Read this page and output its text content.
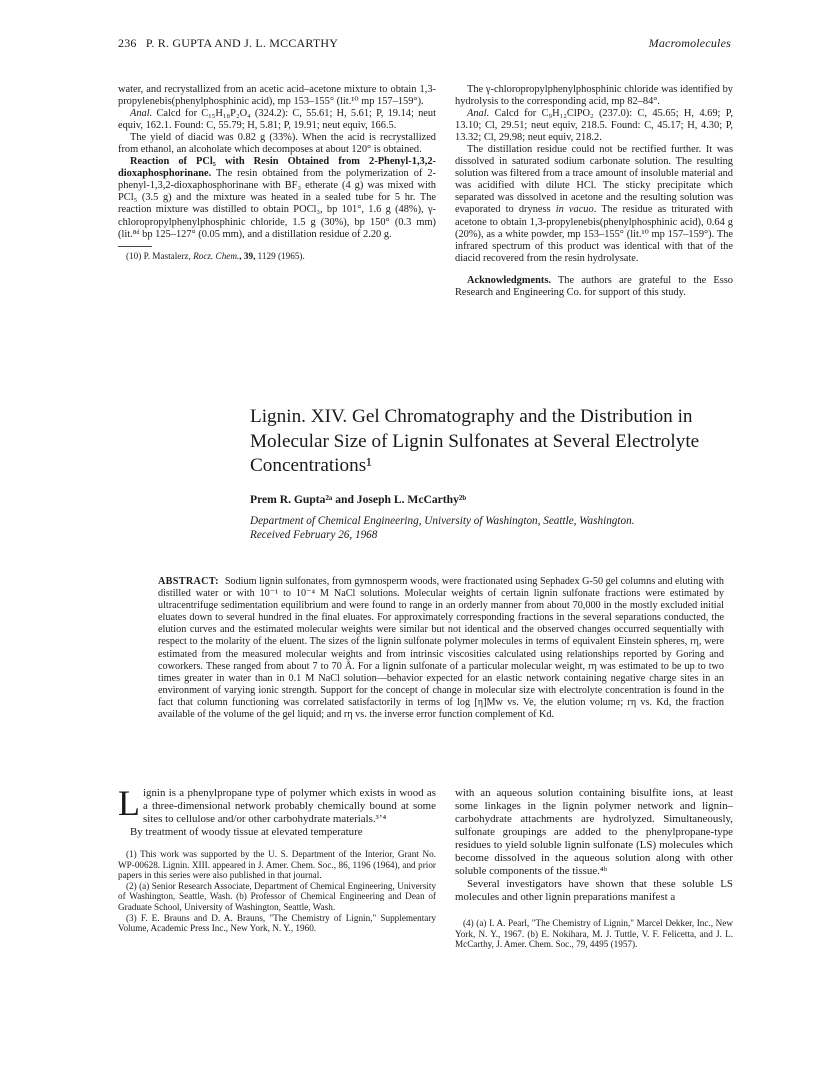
236 P. R. GUPTA AND J. L. MCCARTHY	Macromolecules

water, and recrystallized from an acetic acid–acetone mixture to obtain 1,3-propylenebis(phenylphosphinic acid), mp 153–155° (lit.¹⁰ mp 157–159°).

Anal. Calcd for C₁₅H₁₈P₂O₄ (324.2): C, 55.61; H, 5.61; P, 19.14; neut equiv, 162.1. Found: C, 55.79; H, 5.81; P, 19.91; neut equiv, 166.5.

The yield of diacid was 0.82 g (33%). When the acid is recrystallized from ethanol, an alcoholate which decomposes at about 120° is obtained.

Reaction of PCl₅ with Resin Obtained from 2-Phenyl-1,3,2-dioxaphosphorinane. The resin obtained from the polymerization of 2-phenyl-1,3,2-dioxaphosphorinane with BF₃ etherate (4 g) was mixed with PCl₅ (3.5 g) and the mixture was heated in a sealed tube for 5 hr. The reaction mixture was distilled to obtain POCl₃, bp 101°, 1.6 g (48%), γ-chloropropylphenylphosphinic chloride, 1.5 g (30%), bp 150° (0.3 mm) (lit.⁸ᵈ bp 125–127° (0.05 mm), and a distillation residue of 2.20 g.

(10) P. Mastalerz, Rocz. Chem., 39, 1129 (1965).

The γ-chloropropylphenylphosphinic chloride was identified by hydrolysis to the corresponding acid, mp 82–84°.

Anal. Calcd for C₉H₁₂ClPO₂ (237.0): C, 45.65; H, 4.69; P, 13.10; Cl, 29.51; neut equiv, 218.5. Found: C, 45.17; H, 4.30; P, 13.32; Cl, 29.98; neut equiv, 218.2.

The distillation residue could not be rectified further. It was dissolved in saturated sodium carbonate solution. The resulting solution was filtered from a trace amount of insoluble material and was acidified with dilute HCl. The sticky precipitate which separated was dissolved in acetone and the resulting solution was evaporated to dryness in vacuo. The residue as triturated with acetone to obtain 1,3-propylenebis(phenylphosphinic acid), 0.64 g (20%), as a white powder, mp 153–155° (lit.¹⁰ mp 157–159°). The infrared spectrum of this product was identical with that of the diacid recovered from the resin hydrolysate.

Acknowledgments. The authors are grateful to the Esso Research and Engineering Co. for support of this study.

Lignin. XIV. Gel Chromatography and the Distribution in Molecular Size of Lignin Sulfonates at Several Electrolyte Concentrations¹
Prem R. Gupta²ᵃ and Joseph L. McCarthy²ᵇ
Department of Chemical Engineering, University of Washington, Seattle, Washington.
Received February 26, 1968
ABSTRACT: Sodium lignin sulfonates, from gymnosperm woods, were fractionated using Sephadex G-50 gel columns and eluting with distilled water or with 10⁻¹ to 10⁻⁴ M NaCl solutions. Molecular weights of certain lignin sulfonate fractions were estimated by ultracentrifuge sedimentation equilibrium and were found to range in an orderly manner from about 70,000 in the mostly excluded initial eluates down to several hundred in the final eluates. For approximately corresponding fractions in the several separations conducted, the elution curves and the estimated molecular weights were similar but not identical and the observed changes occurred sequentially with respect to the molarity of the eluent. The sizes of the lignin sulfonate polymer molecules in terms of equivalent Einstein spheres, rη, were estimated from the measured molecular weights and from intrinsic viscosities calculated using relationships reported by Goring and coworkers. These ranged from about 7 to 70 Å. For a lignin sulfonate of a particular molecular weight, rη was estimated to be up to two times greater in water than in 0.1 M NaCl solution—behavior expected for an elastic network containing negative charge sites in an environment of varying ionic strength. Support for the concept of change in molecular size with electrolyte concentration is found in the fact that column functioning was correlated satisfactorily in terms of log [η]Mw vs. Ve, the elution volume; rη vs. Kd, the fraction available of the volume of the gel liquid; and rη vs. the inverse error function complement of Kd.

Lignin is a phenylpropane type of polymer which exists in wood as a three-dimensional network probably chemically bound at some sites to cellulose and/or other carbohydrate materials.³ʼ⁴

By treatment of woody tissue at elevated temperature

(1) This work was supported by the U. S. Department of the Interior, Grant No. WP-00628. Lignin. XIII. appeared in J. Amer. Chem. Soc., 86, 1196 (1964), and prior papers in this series were also published in that journal.

(2) (a) Senior Research Associate, Department of Chemical Engineering, University of Washington, Seattle, Wash. (b) Professor of Chemical Engineering and Dean of Graduate School, University of Washington, Seattle, Wash.

(3) F. E. Brauns and D. A. Brauns, "The Chemistry of Lignin," Supplementary Volume, Academic Press Inc., New York, N. Y., 1960.

with an aqueous solution containing bisulfite ions, at least some linkages in the lignin polymer network and lignin–carbohydrate attachments are hydrolyzed. Simultaneously, sulfonate groupings are added to the phenylpropane-type residues to yield soluble lignin sulfonate (LS) molecules which become dissolved in the aqueous solution along with other soluble components of the tissue.⁴ᵇ

Several investigators have shown that these soluble LS molecules and other lignin preparations manifest a

(4) (a) I. A. Pearl, "The Chemistry of Lignin," Marcel Dekker, Inc., New York, N. Y., 1967. (b) E. Nokihara, M. J. Tuttle, V. F. Felicetta, and J. L. McCarthy, J. Amer. Chem. Soc., 79, 4495 (1957).
